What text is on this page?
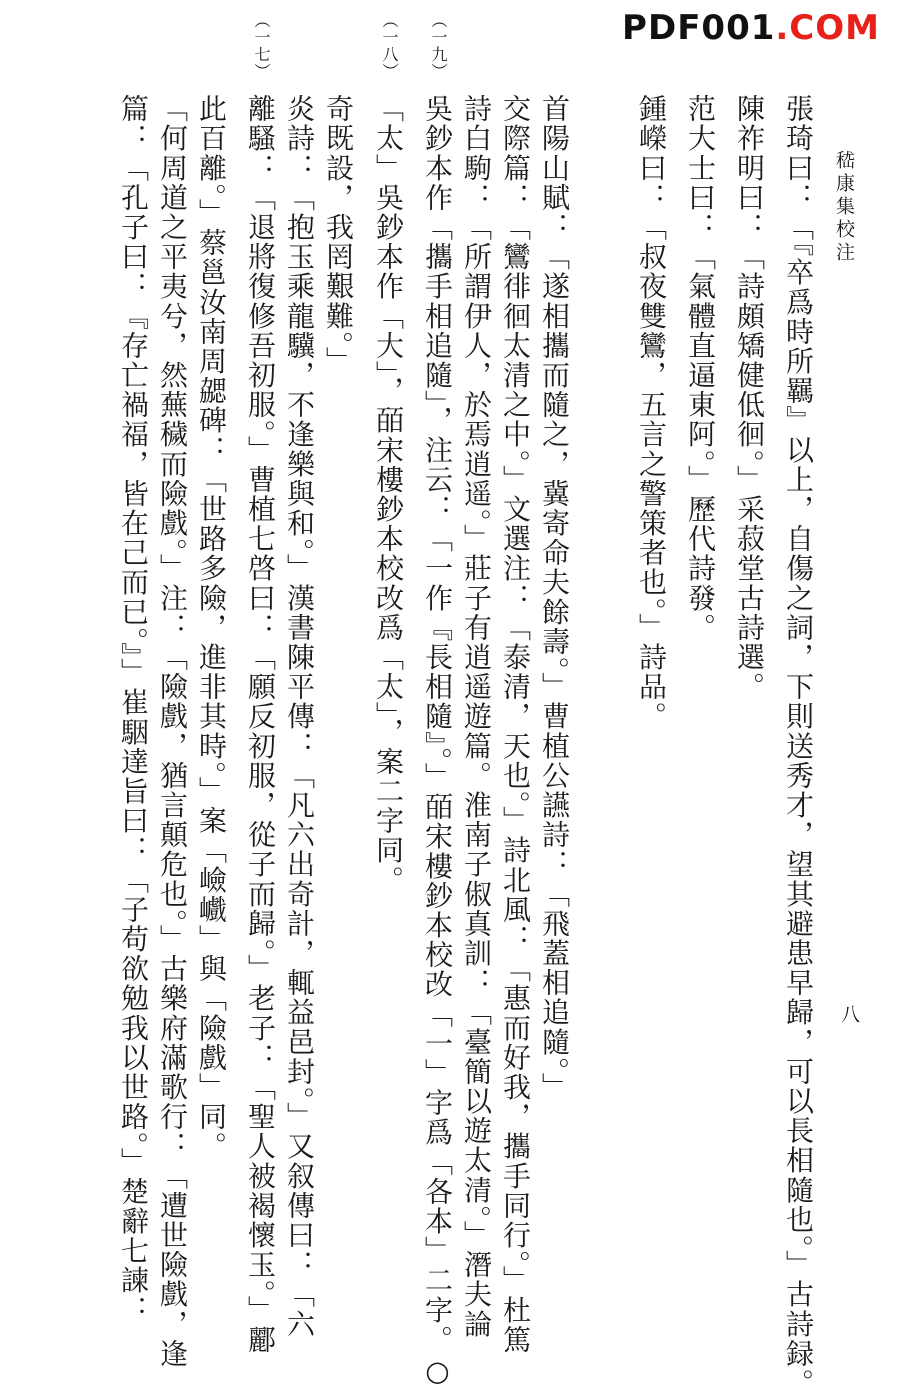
PDF001.COM
嵇康集校注
八
（一七）	（一八） （一九）
篇：「孔子曰：『存亡禍福，皆在己而已。』」崔駰達旨曰：「子苟欲勉我以世路。」楚辭七諫： 「何周道之平夷兮，然蕪穢而險戲。」注：「險戲，猶言顛危也。」古樂府滿歌行：「遭世險戲，逢 此百離。」蔡邕汝南周勰碑：「世路多險，進非其時。」案「嶮巇」與「險戲」同。 離騷：「退將復修吾初服。」曹植七啓曰：「願反初服，從子而歸。」老子：「聖人被褐懷玉。」酈 炎詩：「抱玉乘龍驥，不逢樂與和。」漢書陳平傳：「凡六出奇計，輒益邑封。」又叙傳曰：「六 奇既設，我罔艱難。」 「太」吳鈔本作「大」，皕宋樓鈔本校改爲「太」，案二字同。 吳鈔本作「攜手相追隨」，注云：「一作『長相隨』。」皕宋樓鈔本校改「一」字爲「各本」二字。○ 詩白駒：「所謂伊人，於焉逍遥。」莊子有逍遥遊篇。淮南子俶真訓：「臺簡以遊太清。」潛夫論 交際篇：「鸞徘徊太清之中。」文選注：「泰清，天也。」詩北風：「惠而好我，攜手同行。」杜篤 首陽山賦：「遂相攜而隨之，冀寄命夫餘壽。」曹植公讌詩：「飛蓋相追隨。」 鍾嶸曰：「叔夜雙鸞，五言之警策者也。」詩品。 范大士曰：「氣體直逼東阿。」歷代詩發。 陳祚明曰：「詩頗矯健低徊。」采菽堂古詩選。 張琦曰：「『卒爲時所羈』以上，自傷之詞，下則送秀才，望其避患早歸，可以長相隨也。」古詩録。
